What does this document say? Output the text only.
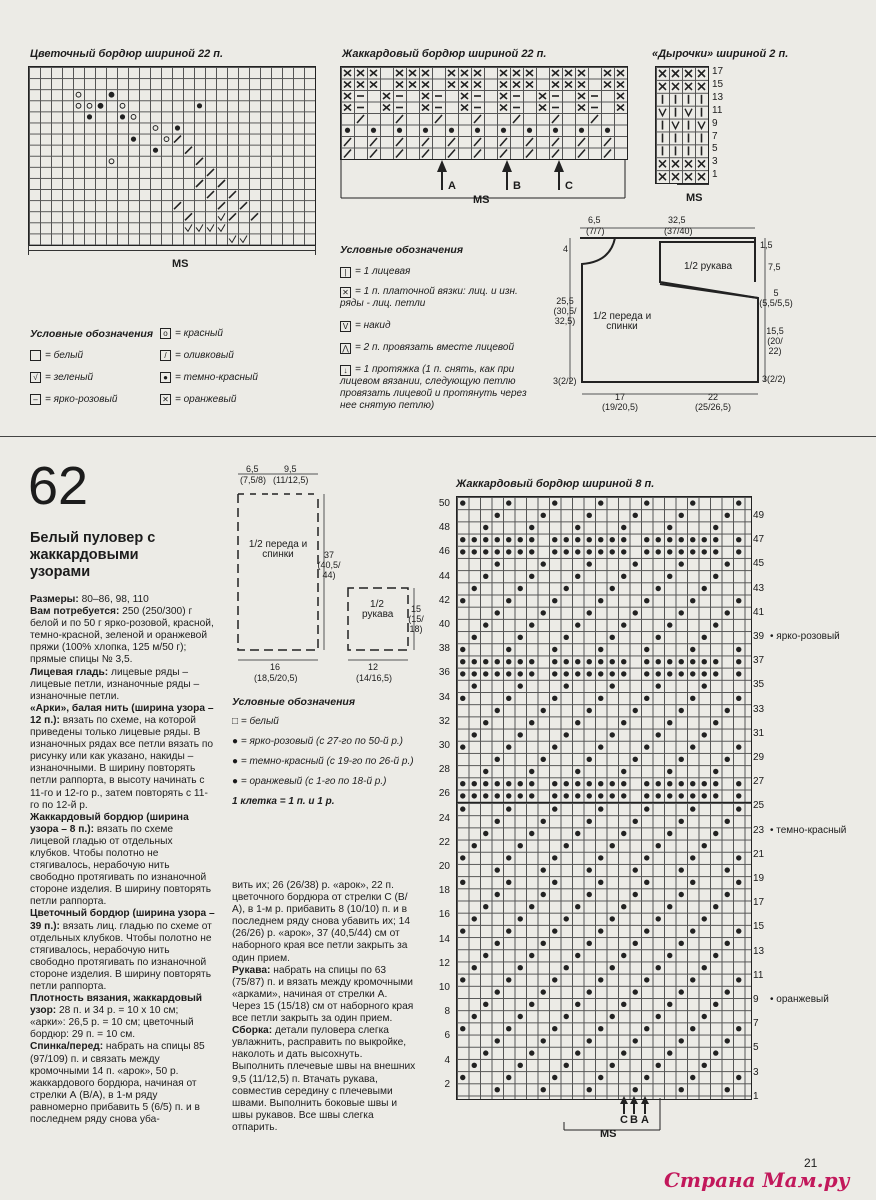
Цветочный бордюр шириной 22 п.
MS
Условные обозначения
= белый
√ = зеленый
– = ярко-розовый
o = красный
/ = оливковый
● = темно-красный
✕ = оранжевый
Жаккардовый бордюр шириной 22 п.
A	B	C
MS
«Дырочки» шириной 2 п.
17
15
13
11
9
7
5
3
1
MS
Условные обозначения
| = 1 лицевая
✕ = 1 п. платочной вязки: лиц. и изн. ряды - лиц. петли
V = накид
⋀ = 2 п. провязать вместе лицевой
↓ = 1 протяжка (1 п. снять, как при лицевом вязании, следующую петлю провязать лицевой и протянуть через нее снятую петлю)
6,5
(7/7)
32,5
(37/40)
1/2 рукава
1/2 переда и спинки
4
25,5 (30,5/ 32,5)
3(2/2)
1,5
7,5
5 (5,5/5,5)
15,5 (20/ 22)
3(2/2)
17 (19/20,5)
22 (25/26,5)
62
Белый пуловер с жаккардовыми узорами

Размеры: 80–86, 98, 110

Вам потребуется: 250 (250/300) г белой и по 50 г ярко-розовой, красной, темно-красной, зеленой и оранжевой пряжи (100% хлопка, 125 м/50 г); прямые спицы № 3,5.

Лицевая гладь: лицевые ряды – лицевые петли, изнаночные ряды – изнаночные петли.

«Арки», балая нить (ширина узора – 12 п.): вязать по схеме, на которой приведены только лицевые ряды. В изнаночных рядах все петли вязать по рисунку или как указано, накиды – изнаночными. В ширину повторять петли раппорта, в высоту начинать с 11-го и 12-го р., затем повторять с 11-го по 12-й р.

Жаккардовый бордюр (ширина узора – 8 п.): вязать по схеме лицевой гладью от отдельных клубков. Чтобы полотно не стягивалось, нерабочую нить свободно протягивать по изнаночной стороне изделия. В ширину повторять петли раппорта.

Цветочный бордюр (ширина узора – 39 п.): вязать лиц. гладью по схеме от отдельных клубков. Чтобы полотно не стягивалось, нерабочую нить свободно протягивать по изнаночной стороне изделия. В ширину повторять петли раппорта.

Плотность вязания, жаккардовый узор: 28 п. и 34 р. = 10 х 10 см; «арки»: 26,5 р. = 10 см; цветочный бордюр: 29 п. = 10 см.

Спинка/перед: набрать на спицы 85 (97/109) п. и связать между кромочными 14 п. «арок», 50 р. жаккардового бордюра, начиная от стрелки А (В/А), в 1-м ряду равномерно прибавить 5 (6/5) п. и в последнем ряду снова уба-

вить их; 26 (26/38) р. «арок», 22 п. цветочного бордюра от стрелки С (В/А), в 1-м р. прибавить 8 (10/10) п. и в последнем ряду снова убавить их; 14 (26/26) р. «арок», 37 (40,5/44) см от наборного края все петли закрыть за один прием.

Рукава: набрать на спицы по 63 (75/87) п. и вязать между кромочными «арками», начиная от стрелки А. Через 15 (15/18) см от наборного края все петли закрыть за один прием.

Сборка: детали пуловера слегка увлажнить, расправить по выкройке, наколоть и дать высохнуть. Выполнить плечевые швы на внешних 9,5 (11/12,5) п. Втачать рукава, совместив середину с плечевыми швами. Выполнить боковые швы и швы рукавов. Все швы слегка отпарить.

6,5
(7,5/8)
9,5
(11/12,5)
1/2 переда и спинки	37 (40,5/ 44)
16
(18,5/20,5)
1/2 рукава	15 (15/ 18)
12
(14/16,5)
Условные обозначения
□ = белый
● = ярко-розовый (с 27-го по 50-й р.)
● = темно-красный (с 19-го по 26-й р.)
● = оранжевый (с 1-го по 18-й р.)
1 клетка = 1 п. и 1 р.
Жаккардовый бордюр шириной 8 п.
50
48
46
44
42
40
38
36
34
32
30
28
26
24
22
20
18
16
14
12
10
8
6
4
2
49
47
45
43
41
39
37
35
33
31
29
27
25
23
21
19
17
15
13
11
9
7
5
3
1
• ярко-розовый
• темно-красный
• оранжевый
C B A
MS
21
Страна Мам.ру
